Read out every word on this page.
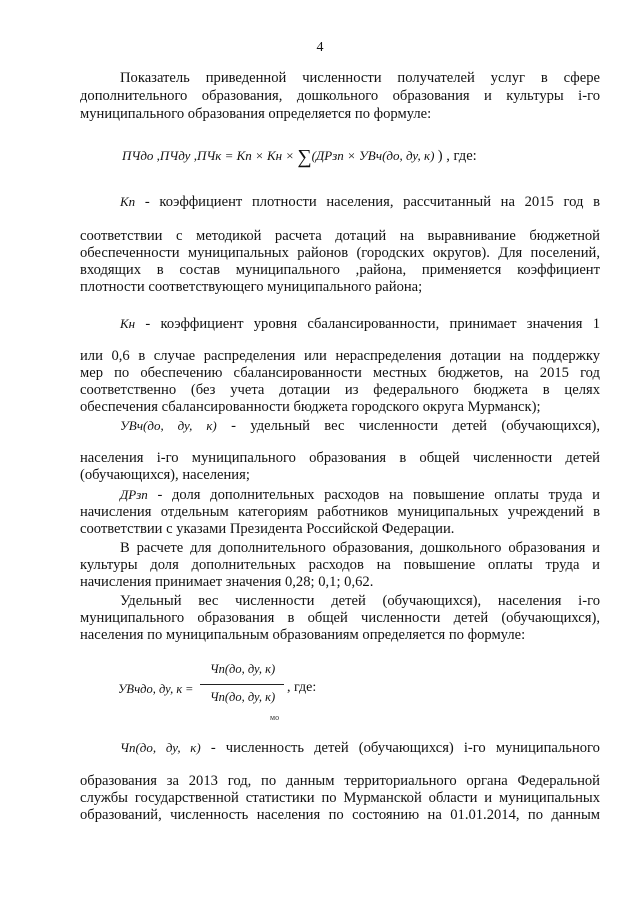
4
Показатель приведенной численности получателей услуг в сфере
дополнительного образования, дошкольного образования и культуры i-го
муниципального образования определяется по формуле:
ПЧдо ,ПЧду ,ПЧк = Кп × Кн × ∑(ДРзп × УВч(до, ду, к) ) , где:
Кп - коэффициент плотности населения, рассчитанный на 2015 год в
соответствии с методикой расчета дотаций на выравнивание бюджетной
обеспеченности муниципальных районов (городских округов). Для поселений,
входящих в состав муниципального ,района, применяется коэффициент
плотности соответствующего муниципального района;
Кн - коэффициент уровня сбалансированности, принимает значения 1
или 0,6 в случае распределения или нераспределения дотации на поддержку
мер по обеспечению сбалансированности местных бюджетов, на 2015 год
соответственно (без учета дотации из федерального бюджета в целях
обеспечения сбалансированности бюджета городского округа Мурманск);
УВч(до, ду, к) - удельный вес численности детей (обучающихся),
населения i-го муниципального образования в общей численности детей
(обучающихся), населения;
ДРзп - доля дополнительных расходов на повышение оплаты труда и
начисления отдельным категориям работников муниципальных учреждений в
соответствии с указами Президента Российской Федерации.
В расчете для дополнительного образования, дошкольного образования и
культуры доля дополнительных расходов на повышение оплаты труда и
начисления принимает значения 0,28; 0,1; 0,62.
Удельный вес численности детей (обучающихся), населения i-го
муниципального образования в общей численности детей (обучающихся),
населения по муниципальным образованиям определяется по формуле:
УВчдо, ду, к =
Чп(до, ду, к)
Чп(до, ду, к)
, где:
мо
Чп(до, ду, к) - численность детей (обучающихся) i-го муниципального
образования за 2013 год, по данным территориального органа Федеральной
службы государственной статистики по Мурманской области и муниципальных
образований, численность населения по состоянию на 01.01.2014, по данным
